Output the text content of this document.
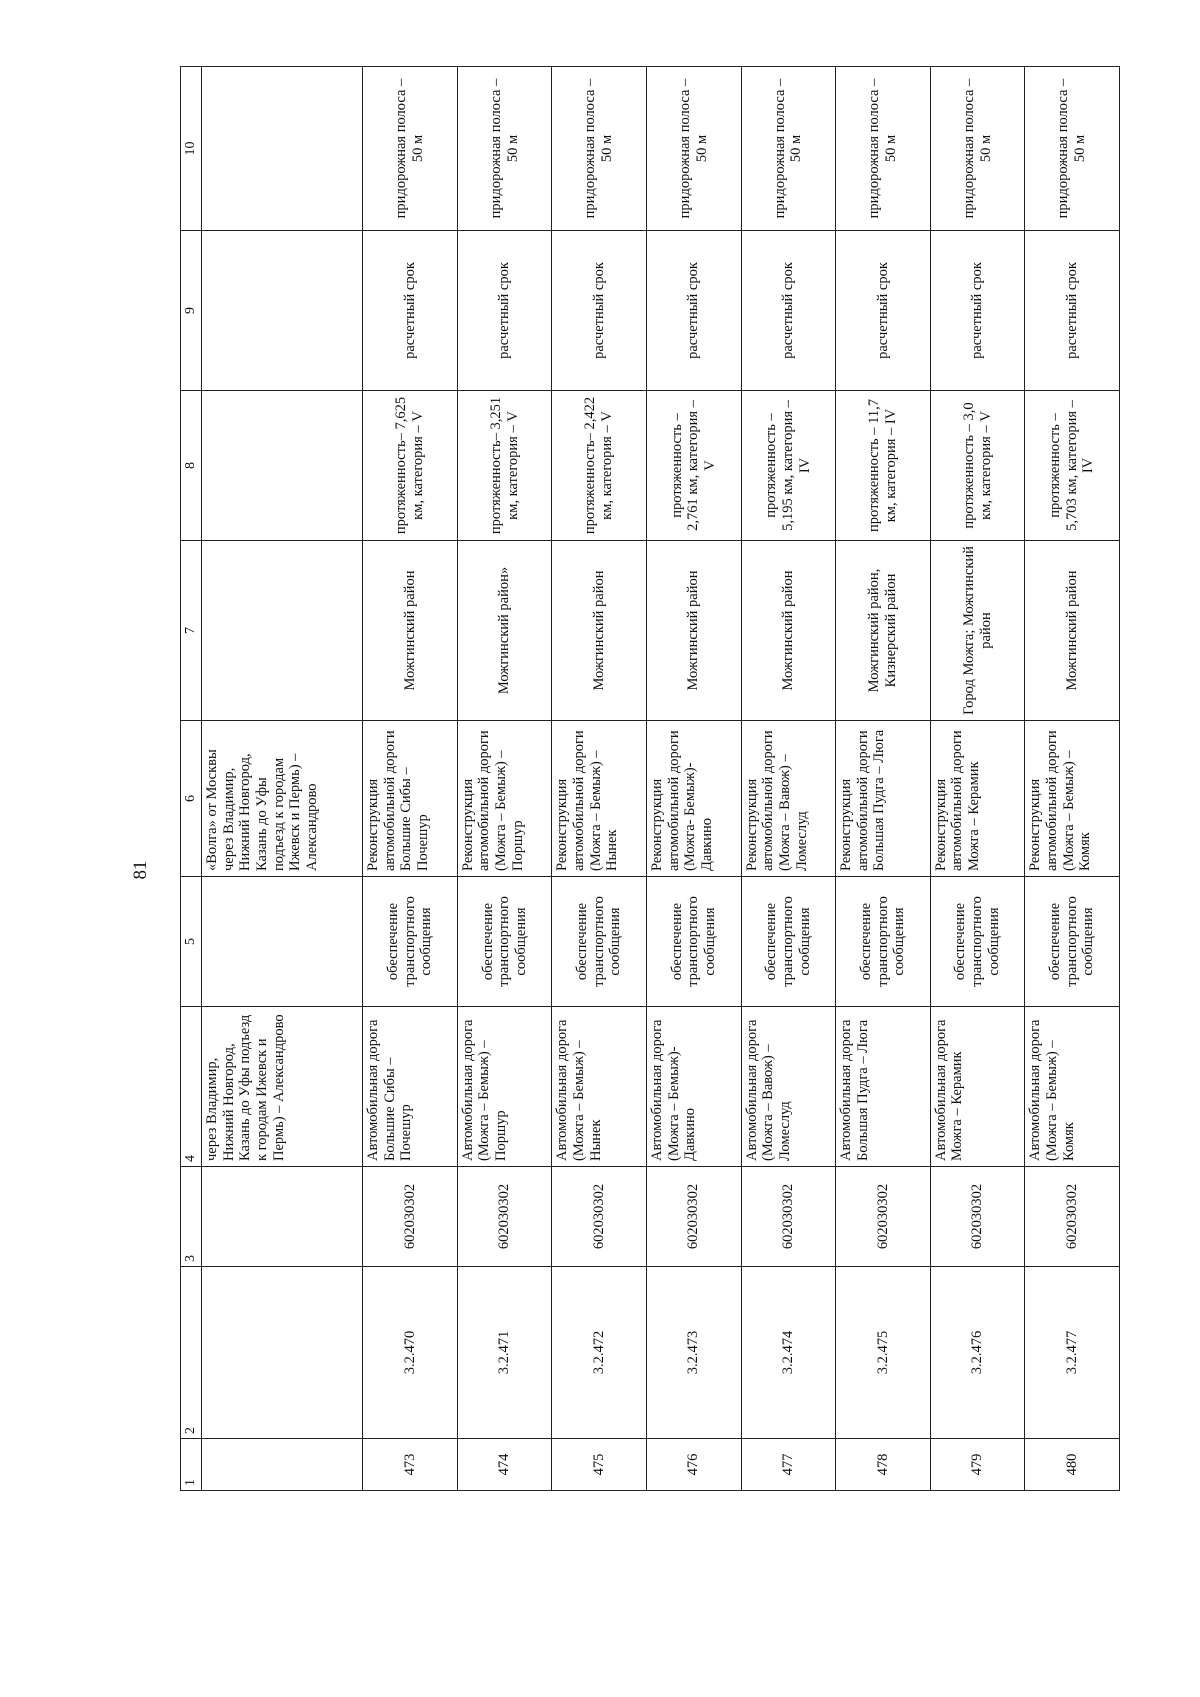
81
1	2	3	4	5	6	7	8	9	10
			через Владимир, Нижний Новгород, Казань до Уфы подъезд к городам Ижевск и Пермь) – Александрово		«Волга» от Москвы через Владимир, Нижний Новгород, Казань до Уфы подъезд к городам Ижевск и Пермь) – Александрово				
473	3.2.470	602030302	Автомобильная дорога Большие Сибы – Почешур	обеспечение транспортного сообщения	Реконструкция автомобильной дороги Большие Сибы – Почешур	Можгинский район	протяженность– 7,625 км, категория – V	расчетный срок	придорожная полоса – 50 м
474	3.2.471	602030302	Автомобильная дорога (Можга – Бемыж) – Поршур	обеспечение транспортного сообщения	Реконструкция автомобильной дороги (Можга – Бемыж) – Поршур	Можгинский район»	протяженность– 3,251 км, категория – V	расчетный срок	придорожная полоса – 50 м
475	3.2.472	602030302	Автомобильная дорога (Можга – Бемыж) – Нынек	обеспечение транспортного сообщения	Реконструкция автомобильной дороги (Можга – Бемыж) – Нынек	Можгинский район	протяженность– 2,422 км, категория – V	расчетный срок	придорожная полоса – 50 м
476	3.2.473	602030302	Автомобильная дорога (Можга – Бемыж)- Давкино	обеспечение транспортного сообщения	Реконструкция автомобильной дороги (Можга- Бемыж)- Давкино	Можгинский район	протяженность – 2,761 км, категория – V	расчетный срок	придорожная полоса – 50 м
477	3.2.474	602030302	Автомобильная дорога (Можга – Вавож) – Ломеслуд	обеспечение транспортного сообщения	Реконструкция автомобильной дороги (Можга – Вавож) – Ломеслуд	Можгинский район	протяженность – 5,195 км, категория – IV	расчетный срок	придорожная полоса – 50 м
478	3.2.475	602030302	Автомобильная дорога Большая Пудга – Люга	обеспечение транспортного сообщения	Реконструкция автомобильной дороги Большая Пудга – Люга	Можгинский район, Кизнерский район	протяженность – 11,7 км, категория – IV	расчетный срок	придорожная полоса – 50 м
479	3.2.476	602030302	Автомобильная дорога Можга – Керамик	обеспечение транспортного сообщения	Реконструкция автомобильной дороги Можга – Керамик	Город Можга; Можгинский район	протяженность – 3,0 км, категория – V	расчетный срок	придорожная полоса – 50 м
480	3.2.477	602030302	Автомобильная дорога (Можга – Бемыж) – Комяк	обеспечение транспортного сообщения	Реконструкция автомобильной дороги (Можга – Бемыж) – Комяк	Можгинский район	протяженность – 5,703 км, категория – IV	расчетный срок	придорожная полоса – 50 м
